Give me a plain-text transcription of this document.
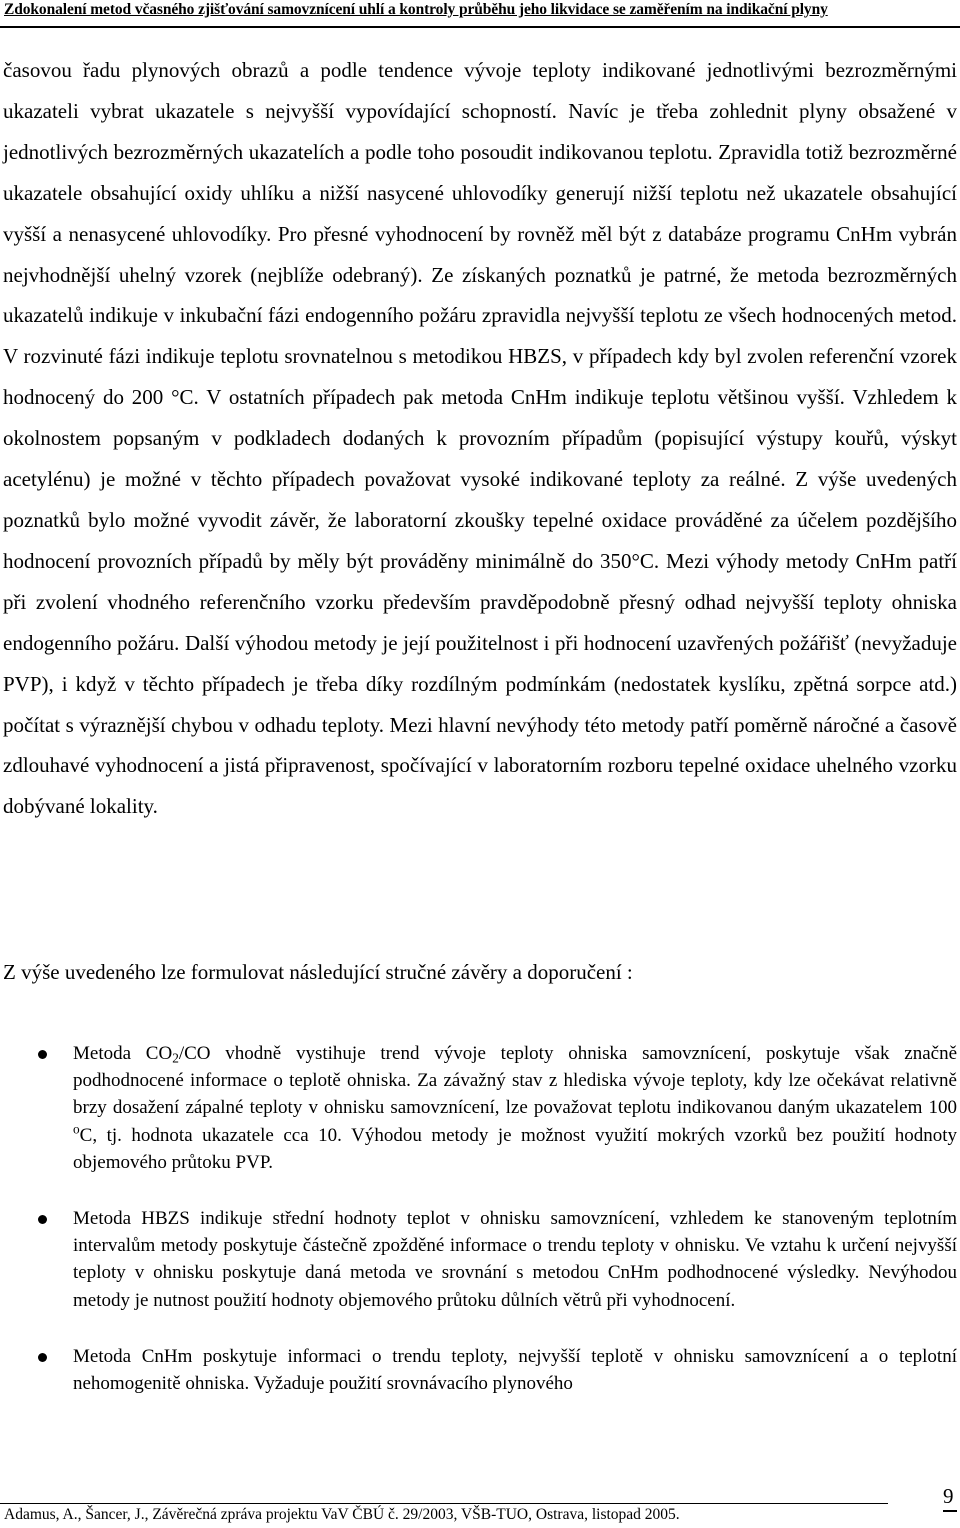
Zdokonalení metod včasného zjišťování samovznícení uhlí a kontroly průběhu jeho likvidace se zaměřením na indikační plyny

časovou řadu plynových obrazů a podle tendence vývoje teploty indikované jednotlivými bezrozměrnými ukazateli vybrat ukazatele s nejvyšší vypovídající schopností. Navíc je třeba zohlednit plyny obsažené v jednotlivých bezrozměrných ukazatelích a podle toho posoudit indikovanou teplotu. Zpravidla totiž bezrozměrné ukazatele obsahující oxidy uhlíku a nižší nasycené uhlovodíky generují nižší teplotu než ukazatele obsahující vyšší a nenasycené uhlovodíky. Pro přesné vyhodnocení by rovněž měl být z databáze programu CnHm vybrán nejvhodnější uhelný vzorek (nejblíže odebraný). Ze získaných poznatků je patrné, že metoda bezrozměrných ukazatelů indikuje v inkubační fázi endogenního požáru zpravidla nejvyšší teplotu ze všech hodnocených metod. V rozvinuté fázi indikuje teplotu srovnatelnou s metodikou HBZS, v případech kdy byl zvolen referenční vzorek hodnocený do 200 °C. V ostatních případech pak metoda CnHm indikuje teplotu většinou vyšší. Vzhledem k okolnostem popsaným v podkladech dodaných k provozním případům (popisující výstupy kouřů, výskyt acetylénu) je možné v těchto případech považovat vysoké indikované teploty za reálné. Z výše uvedených poznatků bylo možné vyvodit závěr, že laboratorní zkoušky tepelné oxidace prováděné za účelem pozdějšího hodnocení provozních případů by měly být prováděny minimálně do 350°C. Mezi výhody metody CnHm patří při zvolení vhodného referenčního vzorku především pravděpodobně přesný odhad nejvyšší teploty ohniska endogenního požáru. Další výhodou metody je její použitelnost i při hodnocení uzavřených požářišť (nevyžaduje PVP), i když v těchto případech je třeba díky rozdílným podmínkám (nedostatek kyslíku, zpětná sorpce atd.) počítat s výraznější chybou v odhadu teploty. Mezi hlavní nevýhody této metody patří poměrně náročné a časově zdlouhavé vyhodnocení a jistá připravenost, spočívající v laboratorním rozboru tepelné oxidace uhelného vzorku dobývané lokality.

Z výše uvedeného lze formulovat následující stručné závěry a doporučení :

Metoda $CO_2/CO$ vhodně vystihuje trend vývoje teploty ohniska samovznícení, poskytuje však značně podhodnocené informace o teplotě ohniska. Za závažný stav z hlediska vývoje teploty, kdy lze očekávat relativně brzy dosažení zápalné teploty v ohnisku samovznícení, lze považovat teplotu indikovanou daným ukazatelem 100 $^o$C, tj. hodnota ukazatele cca 10. Výhodou metody je možnost využití mokrých vzorků bez použití hodnoty objemového průtoku PVP.
Metoda HBZS indikuje střední hodnoty teplot v ohnisku samovznícení, vzhledem ke stanoveným teplotním intervalům metody poskytuje částečně zpožděné informace o trendu teploty v ohnisku. Ve vztahu k určení nejvyšší teploty v ohnisku poskytuje daná metoda ve srovnání s metodou CnHm podhodnocené výsledky. Nevýhodou metody je nutnost použití hodnoty objemového průtoku důlních větrů při vyhodnocení.
Metoda CnHm poskytuje informaci o trendu teploty, nejvyšší teplotě v ohnisku samovznícení a o teplotní nehomogenitě ohniska. Vyžaduje použití srovnávacího plynového
Adamus, A., Šancer, J., Závěrečná zpráva projektu VaV ČBÚ č. 29/2003, VŠB-TUO, Ostrava, listopad 2005.
9
